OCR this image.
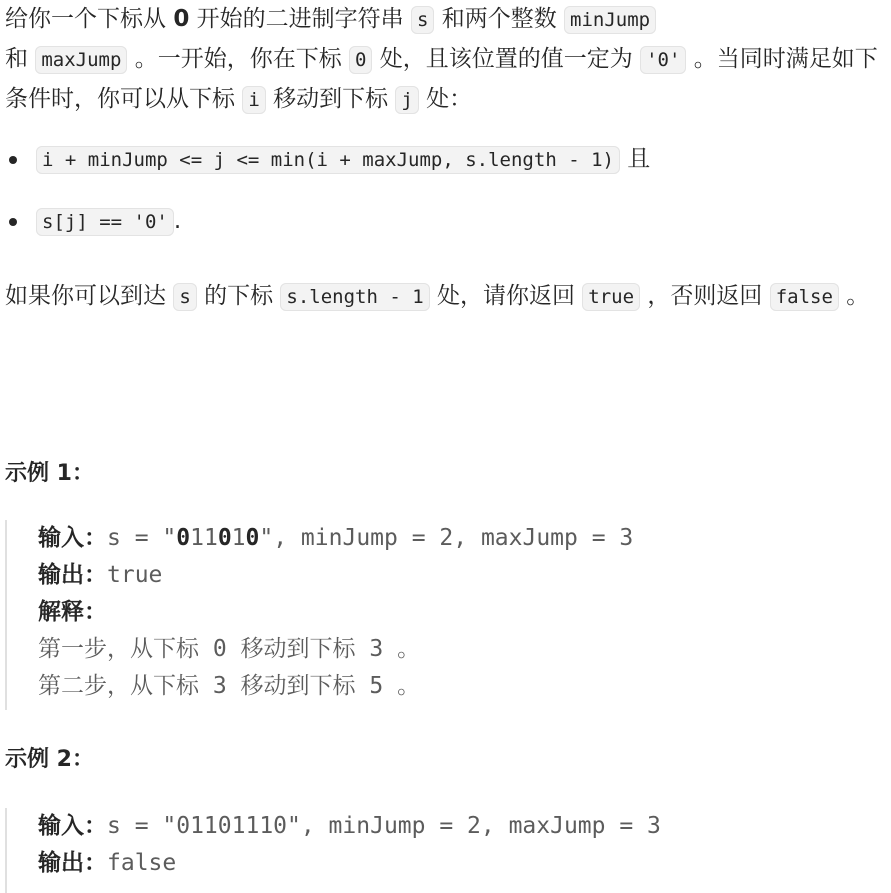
给你一个下标从 0 开始的二进制字符串 s 和两个整数 minJump
和 maxJump 。一开始，你在下标 0 处，且该位置的值一定为 '0' 。当同时满足如下条件时，你可以从下标 i 移动到下标 j 处：

i + minJump <= j <= min(i + maxJump, s.length - 1) 且
s[j] == '0' .

如果你可以到达 s 的下标 s.length - 1 处，请你返回 true ，否则返回 false 。

示例 1：
输入：s = "011010", minJump = 2, maxJump = 3
输出：true
解释：
第一步，从下标 0 移动到下标 3 。
第二步，从下标 3 移动到下标 5 。
示例 2：
输入：s = "01101110", minJump = 2, maxJump = 3
输出：false
